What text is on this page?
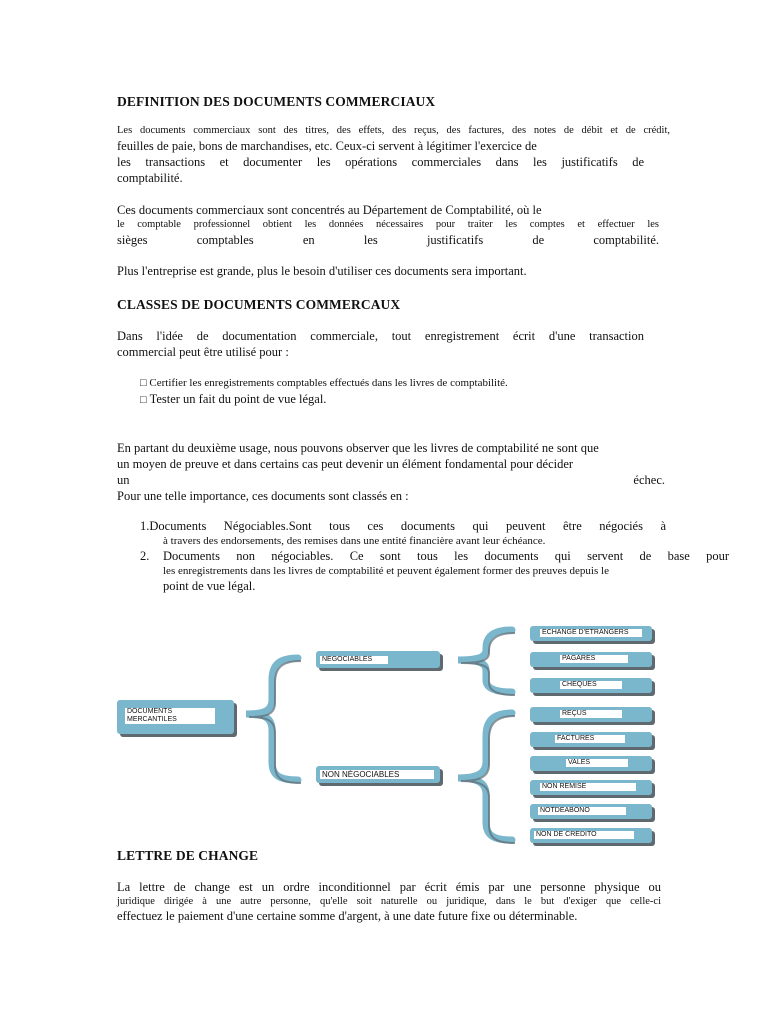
DEFINITION DES DOCUMENTS COMMERCIAUX
Les documents commerciaux sont des titres, des effets, des reçus, des factures, des notes de débit et de crédit,
feuilles de paie, bons de marchandises, etc. Ceux-ci servent à légitimer l'exercice de
les transactions et documenter les opérations commerciales dans les justificatifs de
comptabilité.
Ces documents commerciaux sont concentrés au Département de Comptabilité, où le
le comptable professionnel obtient les données nécessaires pour traiter les comptes et effectuer les
sièges comptables en les justificatifs de comptabilité.
Plus l'entreprise est grande, plus le besoin d'utiliser ces documents sera important.
CLASSES DE DOCUMENTS COMMERCAUX
Dans l'idée de documentation commerciale, tout enregistrement écrit d'une transaction
commercial peut être utilisé pour :
□ Certifier les enregistrements comptables effectués dans les livres de comptabilité.
□ Tester un fait du point de vue légal.
En partant du deuxième usage, nous pouvons observer que les livres de comptabilité ne sont que
un moyen de preuve et dans certains cas peut devenir un élément fondamental pour décider
un	échec.
Pour une telle importance, ces documents sont classés en :
1.Documents Négociables.Sont tous ces documents qui peuvent être négociés à
à travers des endorsements, des remises dans une entité financière avant leur échéance.
2.	Documents non négociables. Ce sont tous les documents qui servent de base pour
les enregistrements dans les livres de comptabilité et peuvent également former des preuves depuis le
point de vue légal.
DOCUMENTS
MERCANTILES
NEGOCIABLES
NON NÉGOCIABLES
ECHANGE D'ETRANGERS
PAGARES
CHEQUES
REÇUS
FACTURES
VALES
NON REMISE
NOTDEABONO
NON DE CRÉDITO
LETTRE DE CHANGE
La lettre de change est un ordre inconditionnel par écrit émis par une personne physique ou
juridique dirigée à une autre personne, qu'elle soit naturelle ou juridique, dans le but d'exiger que celle-ci
effectuez le paiement d'une certaine somme d'argent, à une date future fixe ou déterminable.
